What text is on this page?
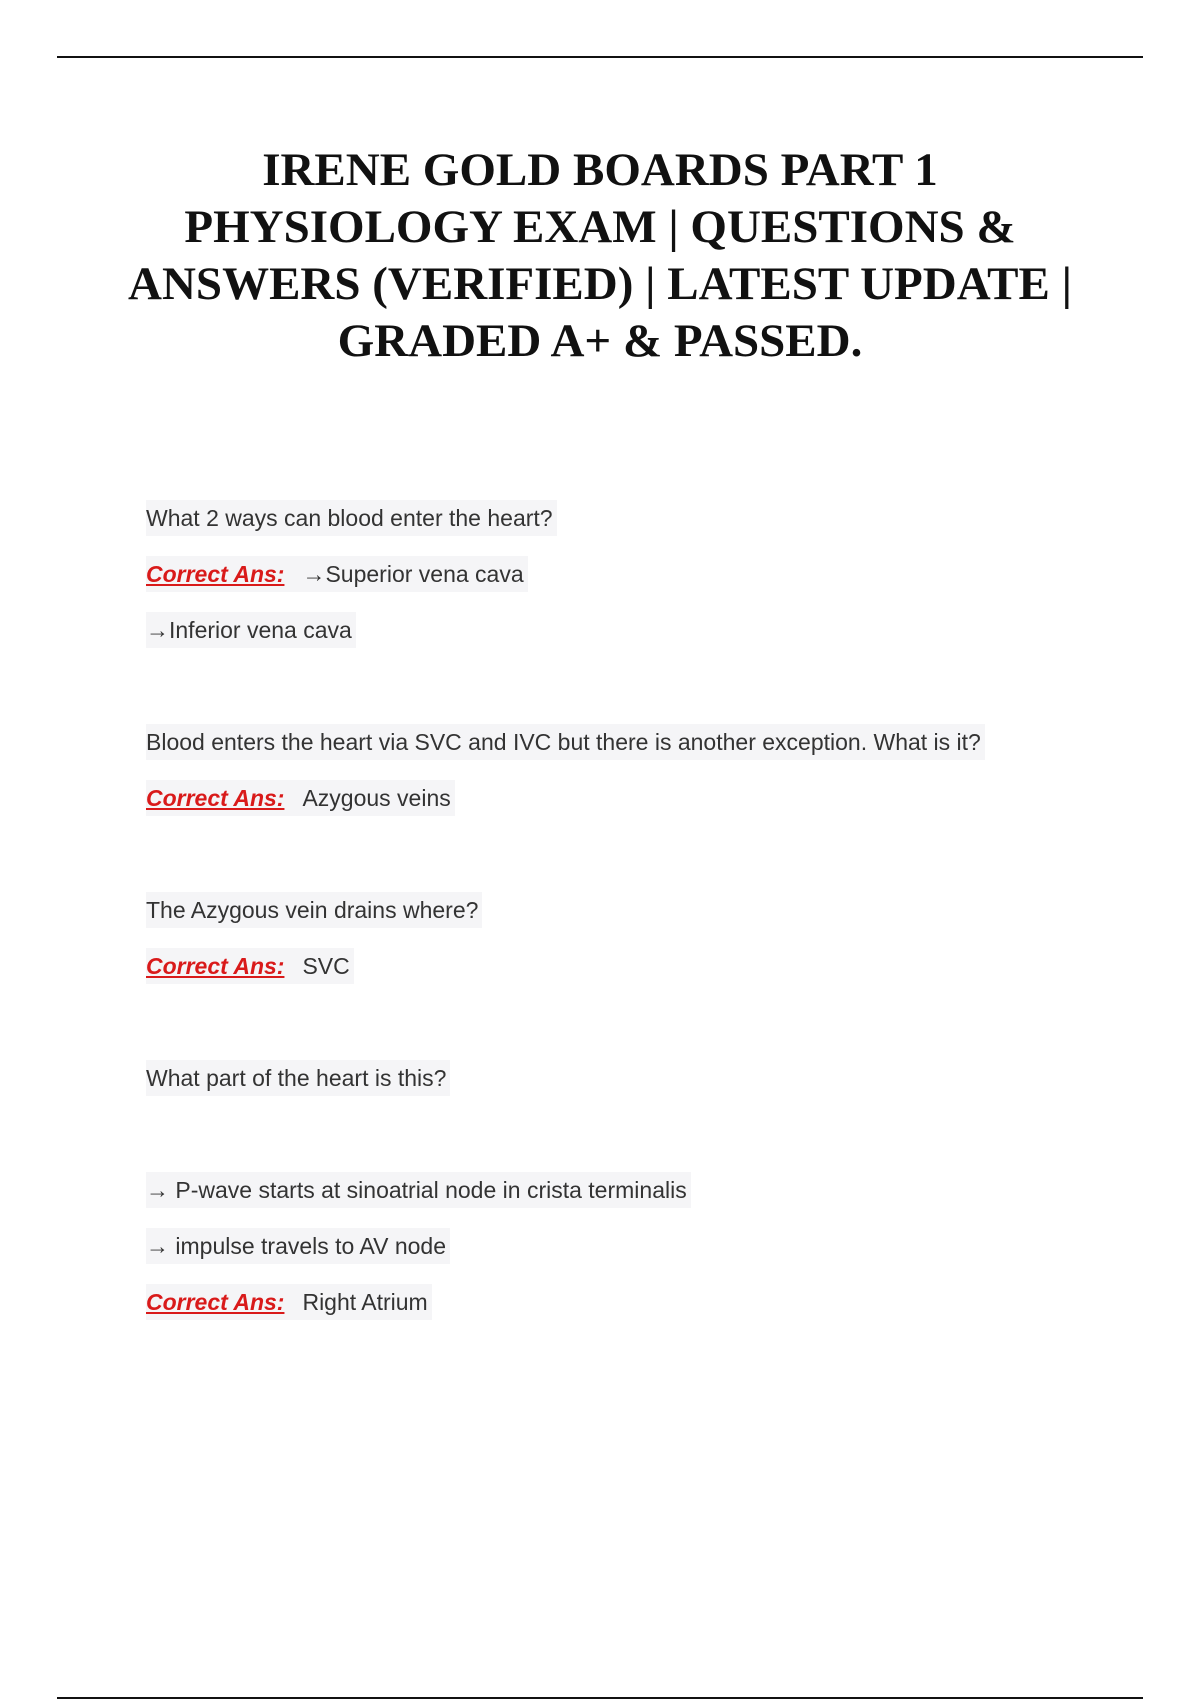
IRENE GOLD BOARDS PART 1 PHYSIOLOGY EXAM | QUESTIONS & ANSWERS (VERIFIED) | LATEST UPDATE | GRADED A+ & PASSED.
What 2 ways can blood enter the heart?
Correct Ans: →Superior vena cava
→Inferior vena cava
Blood enters the heart via SVC and IVC but there is another exception. What is it?
Correct Ans: Azygous veins
The Azygous vein drains where?
Correct Ans: SVC
What part of the heart is this?
→ P-wave starts at sinoatrial node in crista terminalis
→ impulse travels to AV node
Correct Ans: Right Atrium
